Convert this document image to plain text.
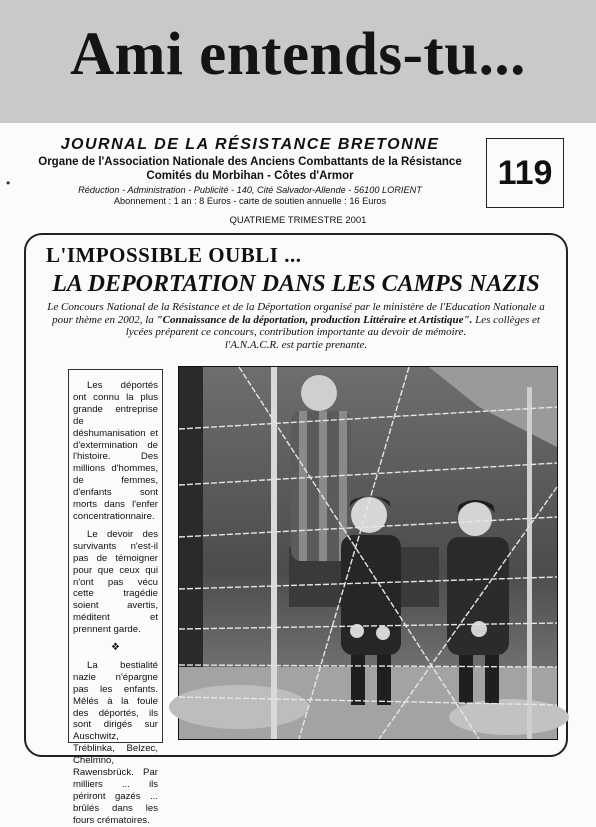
Ami entends-tu...
•
JOURNAL DE LA RÉSISTANCE BRETONNE
Organe de l'Association Nationale des Anciens Combattants de la Résistance
Comités du Morbihan - Côtes d'Armor
Réduction - Administration - Publicité - 140, Cité Salvador-Allende - 56100 LORIENT
Abonnement : 1 an : 8 Euros - carte de soutien annuelle : 16 Euros
119
QUATRIEME TRIMESTRE 2001
L'IMPOSSIBLE OUBLI ...
LA DEPORTATION DANS LES CAMPS NAZIS
Le Concours National de la Résistance et de la Déportation organisé par le ministère de l'Education Nationale a pour thème en 2002, la "Connaissance de la déportation, production Littéraire et Artistique". Les collèges et lycées préparent ce concours, contribution importante au devoir de mémoire.
l'A.N.A.C.R. est partie prenante.

Les déportés ont connu la plus grande entreprise de déshumanisation et d'extermination de l'histoire. Des millions d'hommes, de femmes, d'enfants sont morts dans l'enfer concentrationnaire.

Le devoir des survivants n'est-il pas de témoigner pour que ceux qui n'ont pas vécu cette tragédie soient avertis, méditent et prennent garde.

❖

La bestialité nazie n'épargne pas les enfants. Mêlés à la foule des déportés, ils sont dirigés sur Auschwitz, Tréblinka, Belzec, Chelmno, Rawensbrück. Par milliers ... ils périront gazés ... brûlés dans les fours crématoires.
